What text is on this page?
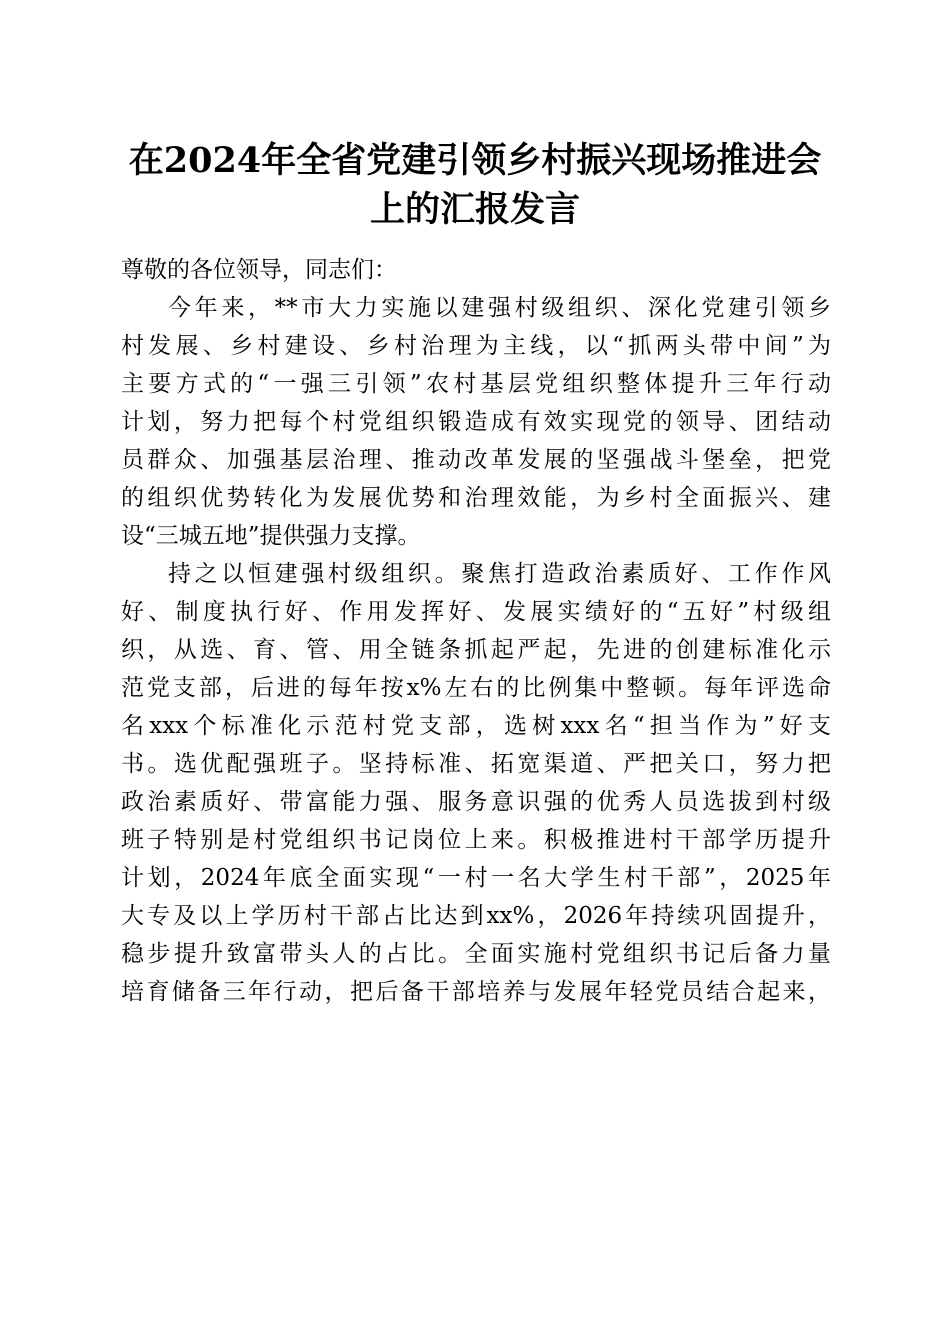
在2024年全省党建引领乡村振兴现场推进会
上的汇报发言
尊敬的各位领导，同志们：
今年来，**市大力实施以建强村级组织、深化党建引领乡
村发展、乡村建设、乡村治理为主线，以“抓两头带中间”为
主要方式的“一强三引领”农村基层党组织整体提升三年行动
计划，努力把每个村党组织锻造成有效实现党的领导、团结动
员群众、加强基层治理、推动改革发展的坚强战斗堡垒，把党
的组织优势转化为发展优势和治理效能，为乡村全面振兴、建
设“三城五地”提供强力支撑。
持之以恒建强村级组织。聚焦打造政治素质好、工作作风
好、制度执行好、作用发挥好、发展实绩好的“五好”村级组
织，从选、育、管、用全链条抓起严起，先进的创建标准化示
范党支部，后进的每年按x%左右的比例集中整顿。每年评选命
名xxx个标准化示范村党支部，选树xxx名“担当作为”好支
书。选优配强班子。坚持标准、拓宽渠道、严把关口，努力把
政治素质好、带富能力强、服务意识强的优秀人员选拔到村级
班子特别是村党组织书记岗位上来。积极推进村干部学历提升
计划，2024年底全面实现“一村一名大学生村干部”，2025年
大专及以上学历村干部占比达到xx%，2026年持续巩固提升，
稳步提升致富带头人的占比。全面实施村党组织书记后备力量
培育储备三年行动，把后备干部培养与发展年轻党员结合起来，
